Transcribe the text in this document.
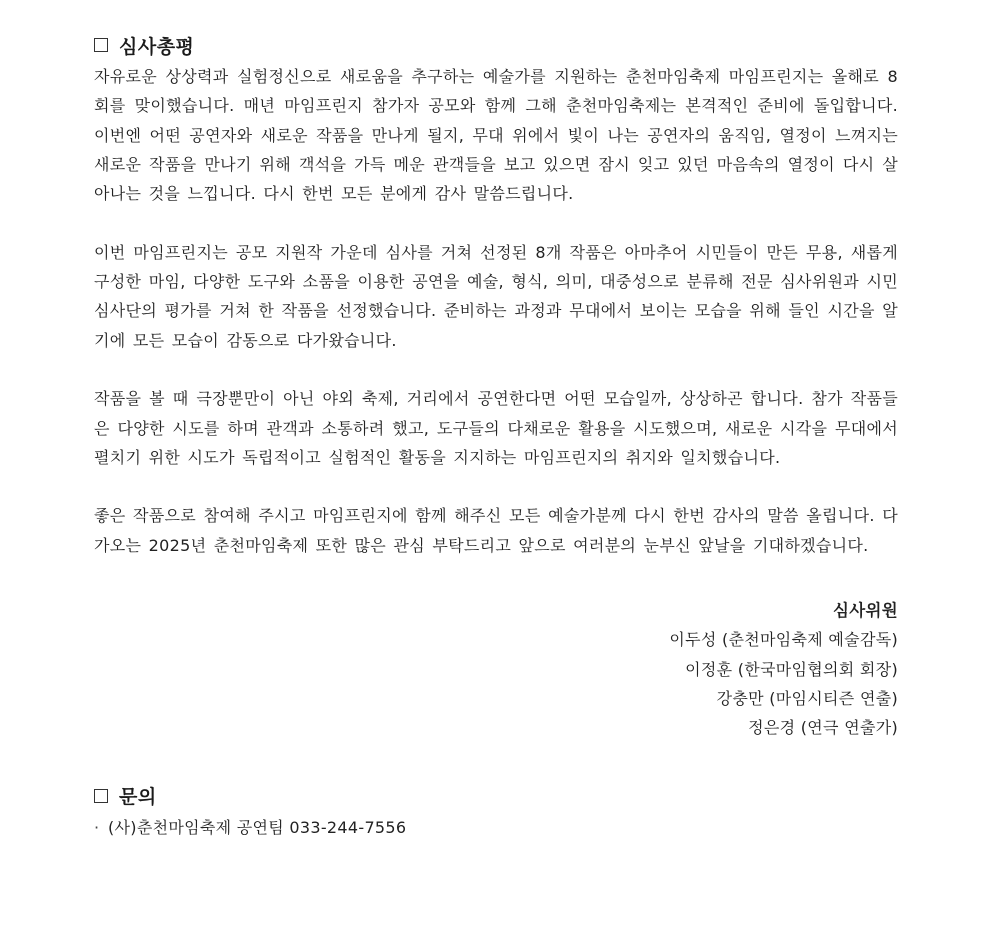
심사총평

자유로운 상상력과 실험정신으로 새로움을 추구하는 예술가를 지원하는 춘천마임축제 마임프린지는 올해로 8회를 맞이했습니다. 매년 마임프린지 참가자 공모와 함께 그해 춘천마임축제는 본격적인 준비에 돌입합니다. 이번엔 어떤 공연자와 새로운 작품을 만나게 될지, 무대 위에서 빛이 나는 공연자의 움직임, 열정이 느껴지는 새로운 작품을 만나기 위해 객석을 가득 메운 관객들을 보고 있으면 잠시 잊고 있던 마음속의 열정이 다시 살아나는 것을 느낍니다. 다시 한번 모든 분에게 감사 말씀드립니다.

이번 마임프린지는 공모 지원작 가운데 심사를 거쳐 선정된 8개 작품은 아마추어 시민들이 만든 무용, 새롭게 구성한 마임, 다양한 도구와 소품을 이용한 공연을 예술, 형식, 의미, 대중성으로 분류해 전문 심사위원과 시민심사단의 평가를 거쳐 한 작품을 선정했습니다. 준비하는 과정과 무대에서 보이는 모습을 위해 들인 시간을 알기에 모든 모습이 감동으로 다가왔습니다.

작품을 볼 때 극장뿐만이 아닌 야외 축제, 거리에서 공연한다면 어떤 모습일까, 상상하곤 합니다. 참가 작품들은 다양한 시도를 하며 관객과 소통하려 했고, 도구들의 다채로운 활용을 시도했으며, 새로운 시각을 무대에서 펼치기 위한 시도가 독립적이고 실험적인 활동을 지지하는 마임프린지의 취지와 일치했습니다.

좋은 작품으로 참여해 주시고 마임프린지에 함께 해주신 모든 예술가분께 다시 한번 감사의 말씀 올립니다. 다가오는 2025년 춘천마임축제 또한 많은 관심 부탁드리고 앞으로 여러분의 눈부신 앞날을 기대하겠습니다.

심사위원
이두성 (춘천마임축제 예술감독)
이정훈 (한국마임협의회 회장)
강충만 (마임시티즌 연출)
정은경 (연극 연출가)
문의
· (사)춘천마임축제 공연팀 033-244-7556
